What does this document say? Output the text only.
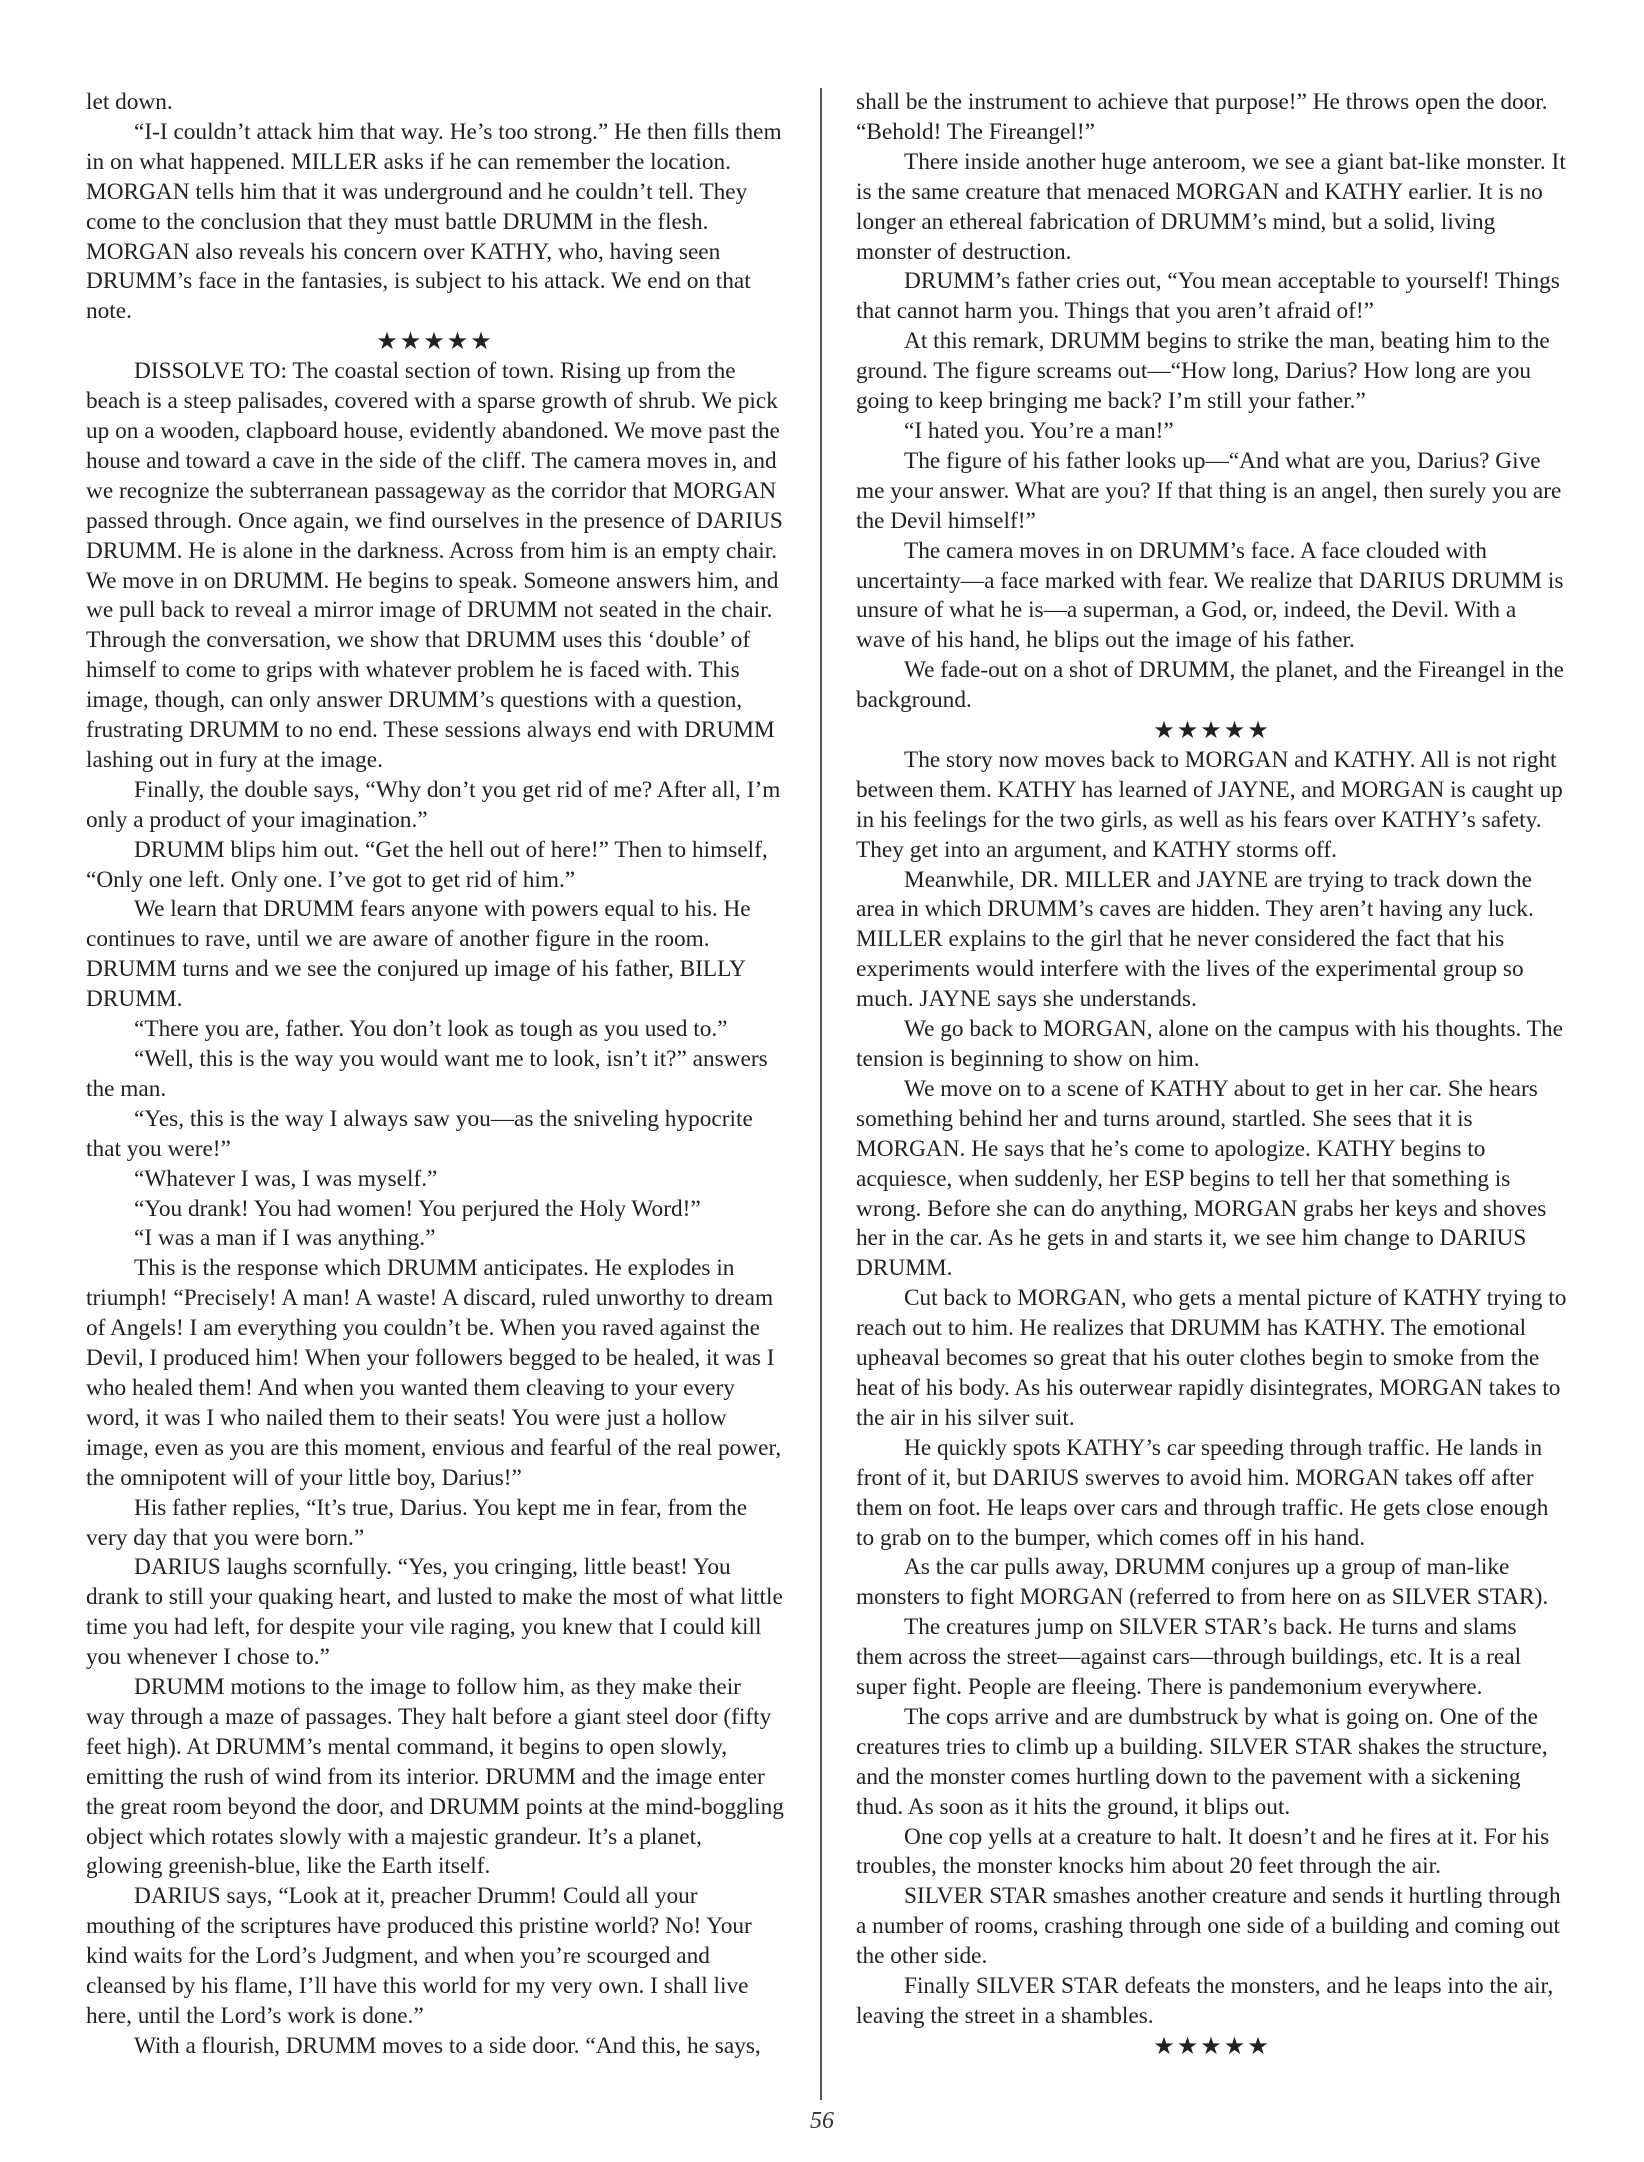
let down.

“I-I couldn’t attack him that way. He’s too strong.” He then fills them in on what happened. MILLER asks if he can remember the location. MORGAN tells him that it was underground and he couldn’t tell. They come to the conclusion that they must battle DRUMM in the flesh. MORGAN also reveals his concern over KATHY, who, having seen DRUMM’s face in the fantasies, is subject to his attack. We end on that note.

★★★★★

DISSOLVE TO: The coastal section of town. Rising up from the beach is a steep palisades, covered with a sparse growth of shrub. We pick up on a wooden, clapboard house, evidently abandoned. We move past the house and toward a cave in the side of the cliff. The camera moves in, and we recognize the subterranean passageway as the corridor that MORGAN passed through. Once again, we find ourselves in the presence of DARIUS DRUMM. He is alone in the darkness. Across from him is an empty chair. We move in on DRUMM. He begins to speak. Someone answers him, and we pull back to reveal a mirror image of DRUMM not seated in the chair. Through the conversation, we show that DRUMM uses this ‘double’ of himself to come to grips with whatever problem he is faced with. This image, though, can only answer DRUMM’s questions with a question, frustrating DRUMM to no end. These sessions always end with DRUMM lashing out in fury at the image.

Finally, the double says, “Why don’t you get rid of me? After all, I’m only a product of your imagination.”

DRUMM blips him out. “Get the hell out of here!” Then to himself, “Only one left. Only one. I’ve got to get rid of him.”

We learn that DRUMM fears anyone with powers equal to his. He continues to rave, until we are aware of another figure in the room. DRUMM turns and we see the conjured up image of his father, BILLY DRUMM.

“There you are, father. You don’t look as tough as you used to.”

“Well, this is the way you would want me to look, isn’t it?” answers the man.

“Yes, this is the way I always saw you—as the sniveling hypocrite that you were!”

“Whatever I was, I was myself.”

“You drank! You had women! You perjured the Holy Word!”

“I was a man if I was anything.”

This is the response which DRUMM anticipates. He explodes in triumph! “Precisely! A man! A waste! A discard, ruled unworthy to dream of Angels! I am everything you couldn’t be. When you raved against the Devil, I produced him! When your followers begged to be healed, it was I who healed them! And when you wanted them cleaving to your every word, it was I who nailed them to their seats! You were just a hollow image, even as you are this moment, envious and fearful of the real power, the omnipotent will of your little boy, Darius!”

His father replies, “It’s true, Darius. You kept me in fear, from the very day that you were born.”

DARIUS laughs scornfully. “Yes, you cringing, little beast! You drank to still your quaking heart, and lusted to make the most of what little time you had left, for despite your vile raging, you knew that I could kill you whenever I chose to.”

DRUMM motions to the image to follow him, as they make their way through a maze of passages. They halt before a giant steel door (fifty feet high). At DRUMM’s mental command, it begins to open slowly, emitting the rush of wind from its interior. DRUMM and the image enter the great room beyond the door, and DRUMM points at the mind-boggling object which rotates slowly with a majestic grandeur. It’s a planet, glowing greenish-blue, like the Earth itself.

DARIUS says, “Look at it, preacher Drumm! Could all your mouthing of the scriptures have produced this pristine world? No! Your kind waits for the Lord’s Judgment, and when you’re scourged and cleansed by his flame, I’ll have this world for my very own. I shall live here, until the Lord’s work is done.”

With a flourish, DRUMM moves to a side door. “And this, he says,

shall be the instrument to achieve that purpose!” He throws open the door. “Behold! The Fireangel!”

There inside another huge anteroom, we see a giant bat-like monster. It is the same creature that menaced MORGAN and KATHY earlier. It is no longer an ethereal fabrication of DRUMM’s mind, but a solid, living monster of destruction.

DRUMM’s father cries out, “You mean acceptable to yourself! Things that cannot harm you. Things that you aren’t afraid of!”

At this remark, DRUMM begins to strike the man, beating him to the ground. The figure screams out—“How long, Darius? How long are you going to keep bringing me back? I’m still your father.”

“I hated you. You’re a man!”

The figure of his father looks up—“And what are you, Darius? Give me your answer. What are you? If that thing is an angel, then surely you are the Devil himself!”

The camera moves in on DRUMM’s face. A face clouded with uncertainty—a face marked with fear. We realize that DARIUS DRUMM is unsure of what he is—a superman, a God, or, indeed, the Devil. With a wave of his hand, he blips out the image of his father.

We fade-out on a shot of DRUMM, the planet, and the Fireangel in the background.

★★★★★

The story now moves back to MORGAN and KATHY. All is not right between them. KATHY has learned of JAYNE, and MORGAN is caught up in his feelings for the two girls, as well as his fears over KATHY’s safety. They get into an argument, and KATHY storms off.

Meanwhile, DR. MILLER and JAYNE are trying to track down the area in which DRUMM’s caves are hidden. They aren’t having any luck. MILLER explains to the girl that he never considered the fact that his experiments would interfere with the lives of the experimental group so much. JAYNE says she understands.

We go back to MORGAN, alone on the campus with his thoughts. The tension is beginning to show on him.

We move on to a scene of KATHY about to get in her car. She hears something behind her and turns around, startled. She sees that it is MORGAN. He says that he’s come to apologize. KATHY begins to acquiesce, when suddenly, her ESP begins to tell her that something is wrong. Before she can do anything, MORGAN grabs her keys and shoves her in the car. As he gets in and starts it, we see him change to DARIUS DRUMM.

Cut back to MORGAN, who gets a mental picture of KATHY trying to reach out to him. He realizes that DRUMM has KATHY. The emotional upheaval becomes so great that his outer clothes begin to smoke from the heat of his body. As his outerwear rapidly disintegrates, MORGAN takes to the air in his silver suit.

He quickly spots KATHY’s car speeding through traffic. He lands in front of it, but DARIUS swerves to avoid him. MORGAN takes off after them on foot. He leaps over cars and through traffic. He gets close enough to grab on to the bumper, which comes off in his hand.

As the car pulls away, DRUMM conjures up a group of man-like monsters to fight MORGAN (referred to from here on as SILVER STAR).

The creatures jump on SILVER STAR’s back. He turns and slams them across the street—against cars—through buildings, etc. It is a real super fight. People are fleeing. There is pandemonium everywhere.

The cops arrive and are dumbstruck by what is going on. One of the creatures tries to climb up a building. SILVER STAR shakes the structure, and the monster comes hurtling down to the pavement with a sickening thud. As soon as it hits the ground, it blips out.

One cop yells at a creature to halt. It doesn’t and he fires at it. For his troubles, the monster knocks him about 20 feet through the air.

SILVER STAR smashes another creature and sends it hurtling through a number of rooms, crashing through one side of a building and coming out the other side.

Finally SILVER STAR defeats the monsters, and he leaps into the air, leaving the street in a shambles.

★★★★★

56
